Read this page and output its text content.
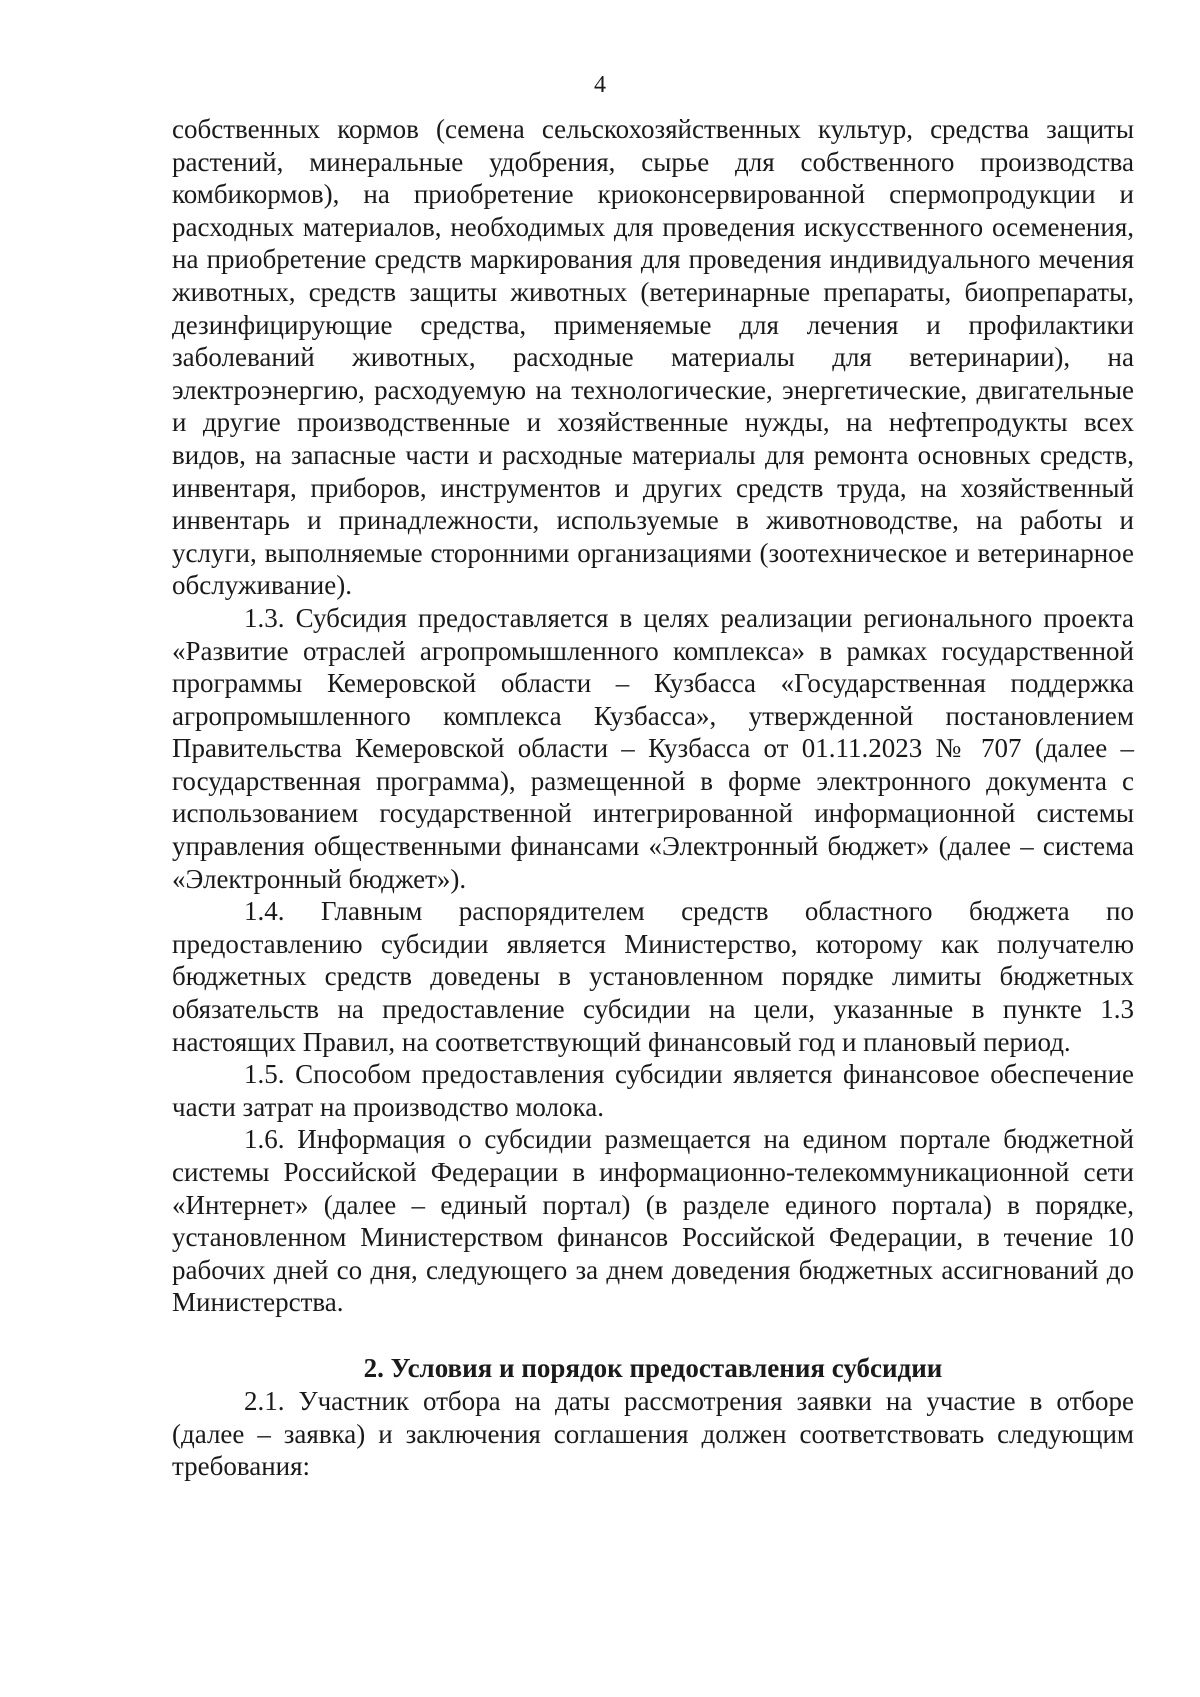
4

собственных кормов (семена сельскохозяйственных культур, средства защиты растений, минеральные удобрения, сырье для собственного производства комбикормов), на приобретение криоконсервированной спермопродукции и расходных материалов, необходимых для проведения искусственного осеменения, на приобретение средств маркирования для проведения индивидуального мечения животных, средств защиты животных (ветеринарные препараты, биопрепараты, дезинфицирующие средства, применяемые для лечения и профилактики заболеваний животных, расходные материалы для ветеринарии), на электроэнергию, расходуемую на технологические, энергетические, двигательные и другие производственные и хозяйственные нужды, на нефтепродукты всех видов, на запасные части и расходные материалы для ремонта основных средств, инвентаря, приборов, инструментов и других средств труда, на хозяйственный инвентарь и принадлежности, используемые в животноводстве, на работы и услуги, выполняемые сторонними организациями (зоотехническое и ветеринарное обслуживание).

1.3. Субсидия предоставляется в целях реализации регионального проекта «Развитие отраслей агропромышленного комплекса» в рамках государственной программы Кемеровской области – Кузбасса «Государственная поддержка агропромышленного комплекса Кузбасса», утвержденной постановлением Правительства Кемеровской области – Кузбасса от 01.11.2023 № 707 (далее – государственная программа), размещенной в форме электронного документа с использованием государственной интегрированной информационной системы управления общественными финансами «Электронный бюджет» (далее – система «Электронный бюджет»).

1.4. Главным распорядителем средств областного бюджета по предоставлению субсидии является Министерство, которому как получателю бюджетных средств доведены в установленном порядке лимиты бюджетных обязательств на предоставление субсидии на цели, указанные в пункте 1.3 настоящих Правил, на соответствующий финансовый год и плановый период.

1.5. Способом предоставления субсидии является финансовое обеспечение части затрат на производство молока.

1.6. Информация о субсидии размещается на едином портале бюджетной системы Российской Федерации в информационно-телекоммуникационной сети «Интернет» (далее – единый портал) (в разделе единого портала) в порядке, установленном Министерством финансов Российской Федерации, в течение 10 рабочих дней со дня, следующего за днем доведения бюджетных ассигнований до Министерства.

2. Условия и порядок предоставления субсидии

2.1. Участник отбора на даты рассмотрения заявки на участие в отборе (далее – заявка) и заключения соглашения должен соответствовать следующим требования:
